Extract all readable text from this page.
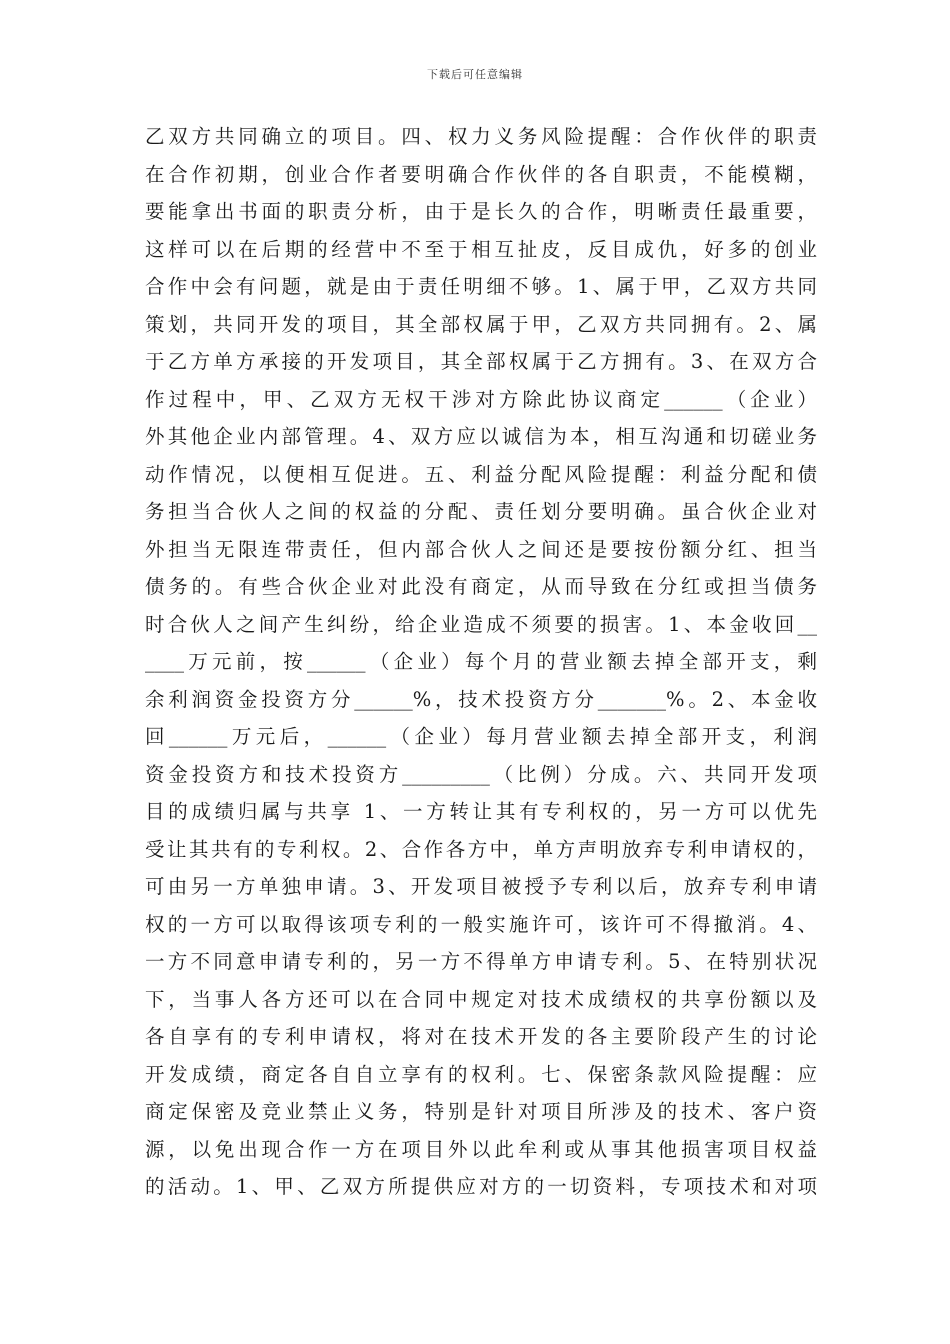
下载后可任意编辑
乙双方共同确立的项目。四、权力义务风险提醒：合作伙伴的职责
在合作初期，创业合作者要明确合作伙伴的各自职责，不能模糊，
要能拿出书面的职责分析，由于是长久的合作，明晰责任最重要，
这样可以在后期的经营中不至于相互扯皮，反目成仇，好多的创业
合作中会有问题，就是由于责任明细不够。1、属于甲，乙双方共同
策划，共同开发的项目，其全部权属于甲，乙双方共同拥有。2、属
于乙方单方承接的开发项目，其全部权属于乙方拥有。3、在双方合
作过程中，甲、乙双方无权干涉对方除此协议商定______（企业）
外其他企业内部管理。4、双方应以诚信为本，相互沟通和切磋业务
动作情况，以便相互促进。五、利益分配风险提醒：利益分配和债
务担当合伙人之间的权益的分配、责任划分要明确。虽合伙企业对
外担当无限连带责任，但内部合伙人之间还是要按份额分红、担当
债务的。有些合伙企业对此没有商定，从而导致在分红或担当债务
时合伙人之间产生纠纷，给企业造成不须要的损害。1、本金收回__
____万元前，按______（企业）每个月的营业额去掉全部开支，剩
余利润资金投资方分______%，技术投资方分_______%。2、本金收
回______万元后，______（企业）每月营业额去掉全部开支，利润
资金投资方和技术投资方_________（比例）分成。六、共同开发项
目的成绩归属与共享 1、一方转让其有专利权的，另一方可以优先
受让其共有的专利权。2、合作各方中，单方声明放弃专利申请权的，
可由另一方单独申请。3、开发项目被授予专利以后，放弃专利申请
权的一方可以取得该项专利的一般实施许可，该许可不得撤消。4、
一方不同意申请专利的，另一方不得单方申请专利。5、在特别状况
下，当事人各方还可以在合同中规定对技术成绩权的共享份额以及
各自享有的专利申请权，将对在技术开发的各主要阶段产生的讨论
开发成绩，商定各自自立享有的权利。七、保密条款风险提醒：应
商定保密及竞业禁止义务，特别是针对项目所涉及的技术、客户资
源，以免出现合作一方在项目外以此牟利或从事其他损害项目权益
的活动。1、甲、乙双方所提供应对方的一切资料，专项技术和对项
